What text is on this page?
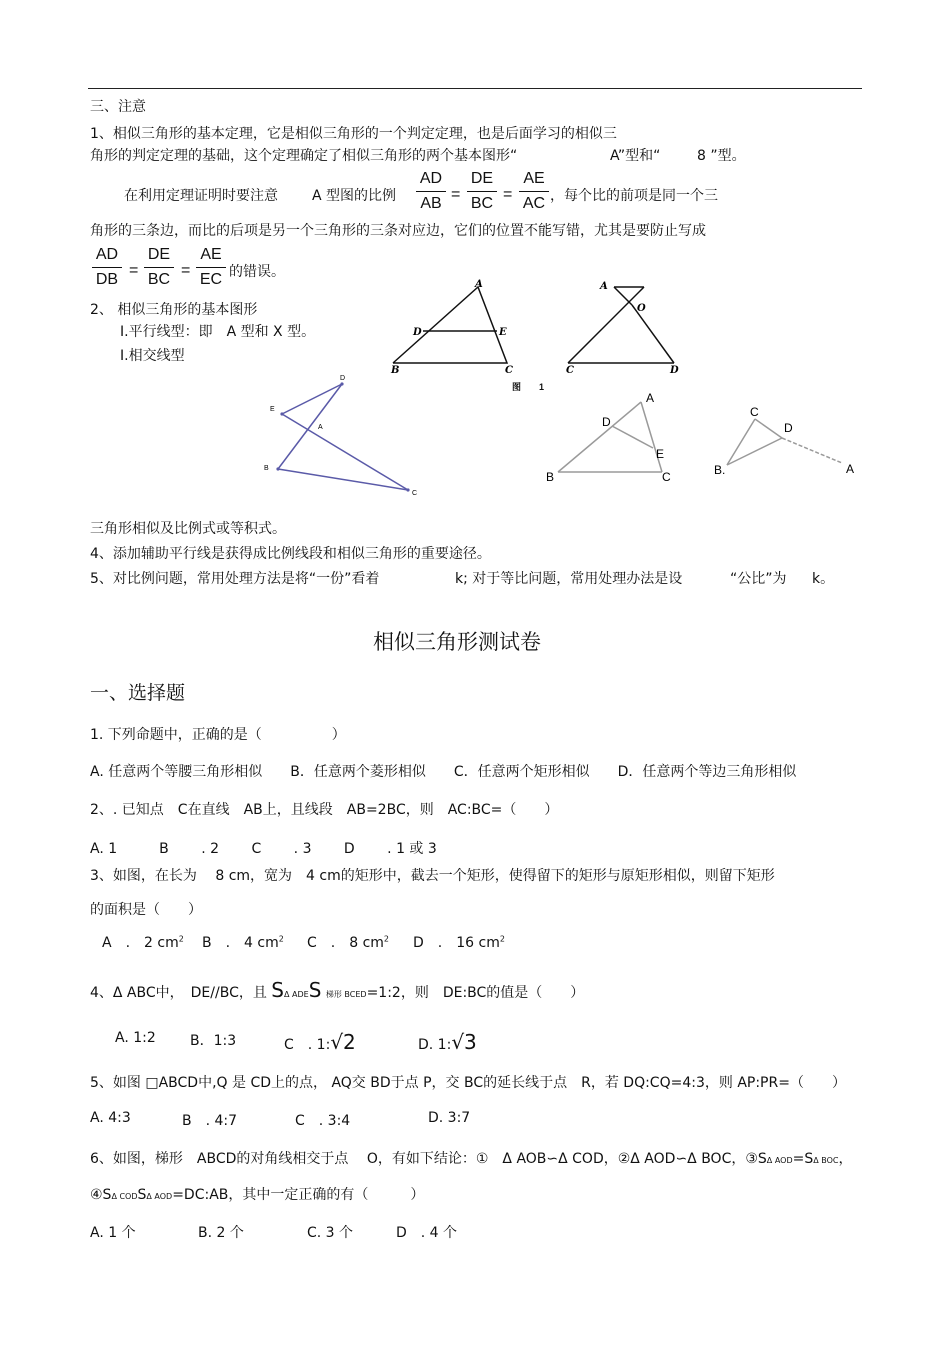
三、注意
1、相似三角形的基本定理，它是相似三角形的一个判定定理，也是后面学习的相似三
角形的判定定理的基础，这个定理确定了相似三角形的两个基本图形“	A”型和“	8 ”型。
在利用定理证明时要注意 A 型图的比例 $\frac{AD}{AB} = \frac{DE}{BC} = \frac{AE}{AC}$ ，每个比的前项是同一个三
角形的三条边，而比的后项是另一个三角形的三条对应边，它们的位置不能写错，尤其是要防止写成
$\frac{AD}{DB} = \frac{DE}{BC} = \frac{AE}{EC}$ 的错误。
2、 相似三角形的基本图形
Ⅰ.平行线型：即　A 型和 X 型。
Ⅰ.相交线型
A
D	E
B	C
图　　1
A
O
C	D
D
E
A
B
C
A
D
E
B	C
C
D
B.	A
三角形相似及比例式或等积式。
4、添加辅助平行线是获得成比例线段和相似三角形的重要途径。
5、对比例问题，常用处理方法是将“一份”看着	k; 对于等比问题，常用处理办法是设	“公比”为 k。
相似三角形测试卷
一、选择题
1. 下列命题中，正确的是（　　　　　）
A. 任意两个等腰三角形相似　　B．任意两个菱形相似　　C．任意两个矩形相似　　D．任意两个等边三角形相似
2、. 已知点　C在直线　AB上，且线段　AB=2BC，则　AC:BC=（　　）
A. 1　　　B　　 . 2　　 C　　 . 3　　 D　　 . 1 或 3
3、如图，在长为　 8 cm，宽为　4 cm的矩形中，截去一个矩形，使得留下的矩形与原矩形相似，则留下矩形
的面积是（　　）
A　.　2 $cm^2$ B　.　4 $cm^2$ C　.　8 $cm^2$ D　.　16 $cm^2$
4、Δ ABC中，　DE//BC，且 SΔ ADES 梯形 BCED=1:2，则　DE:BC的值是（　　）
A. 1:2 B．1:3	C　. 1:√2	D. 1:√3
5、如图 □ABCD中,Q 是 CD上的点， AQ交 BD于点 P，交 BC的延长线于点　R，若 DQ:CQ=4:3，则 AP:PR=（　　）
A. 4:3	B　. 4:7	C　. 3:4	D. 3:7
6、如图，梯形　ABCD的对角线相交于点　 O，有如下结论：①　Δ AOB∽Δ COD，②Δ AOD∽Δ BOC，③SΔ AOD=SΔ BOC，
④SΔ CODSΔ AOD=DC:AB，其中一定正确的有（　　　）
A. 1 个	B. 2 个	C. 3 个	D　. 4 个
